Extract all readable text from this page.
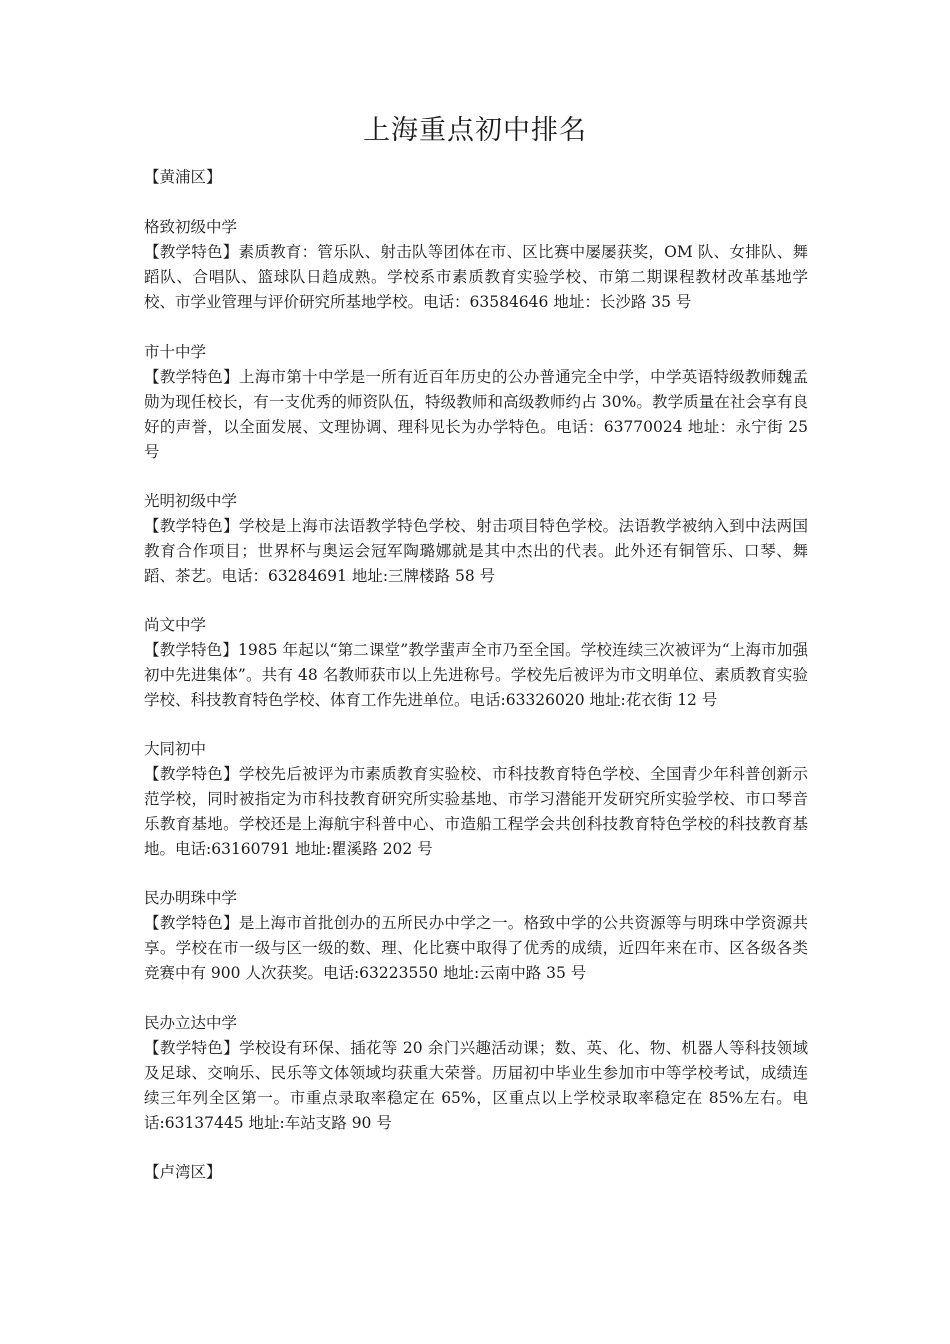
上海重点初中排名
【黄浦区】
格致初级中学
【教学特色】素质教育：管乐队、射击队等团体在市、区比赛中屡屡获奖，OM 队、女排队、舞蹈队、合唱队、篮球队日趋成熟。学校系市素质教育实验学校、市第二期课程教材改革基地学校、市学业管理与评价研究所基地学校。电话：63584646 地址：长沙路 35 号
市十中学
【教学特色】上海市第十中学是一所有近百年历史的公办普通完全中学，中学英语特级教师魏孟勋为现任校长，有一支优秀的师资队伍，特级教师和高级教师约占 30%。教学质量在社会享有良好的声誉，以全面发展、文理协调、理科见长为办学特色。电话：63770024 地址：永宁街 25 号
光明初级中学
【教学特色】学校是上海市法语教学特色学校、射击项目特色学校。法语教学被纳入到中法两国教育合作项目；世界杯与奥运会冠军陶璐娜就是其中杰出的代表。此外还有铜管乐、口琴、舞蹈、茶艺。电话：63284691 地址:三牌楼路 58 号
尚文中学
【教学特色】1985 年起以“第二课堂”教学蜚声全市乃至全国。学校连续三次被评为“上海市加强初中先进集体”。共有 48 名教师获市以上先进称号。学校先后被评为市文明单位、素质教育实验学校、科技教育特色学校、体育工作先进单位。电话:63326020 地址:花衣街 12 号
大同初中
【教学特色】学校先后被评为市素质教育实验校、市科技教育特色学校、全国青少年科普创新示范学校，同时被指定为市科技教育研究所实验基地、市学习潜能开发研究所实验学校、市口琴音乐教育基地。学校还是上海航宇科普中心、市造船工程学会共创科技教育特色学校的科技教育基地。电话:63160791 地址:瞿溪路 202 号
民办明珠中学
【教学特色】是上海市首批创办的五所民办中学之一。格致中学的公共资源等与明珠中学资源共享。学校在市一级与区一级的数、理、化比赛中取得了优秀的成绩，近四年来在市、区各级各类竞赛中有 900 人次获奖。电话:63223550 地址:云南中路 35 号
民办立达中学
【教学特色】学校设有环保、插花等 20 余门兴趣活动课；数、英、化、物、机器人等科技领域及足球、交响乐、民乐等文体领域均获重大荣誉。历届初中毕业生参加市中等学校考试，成绩连续三年列全区第一。市重点录取率稳定在 65%，区重点以上学校录取率稳定在 85%左右。电话:63137445 地址:车站支路 90 号
【卢湾区】
